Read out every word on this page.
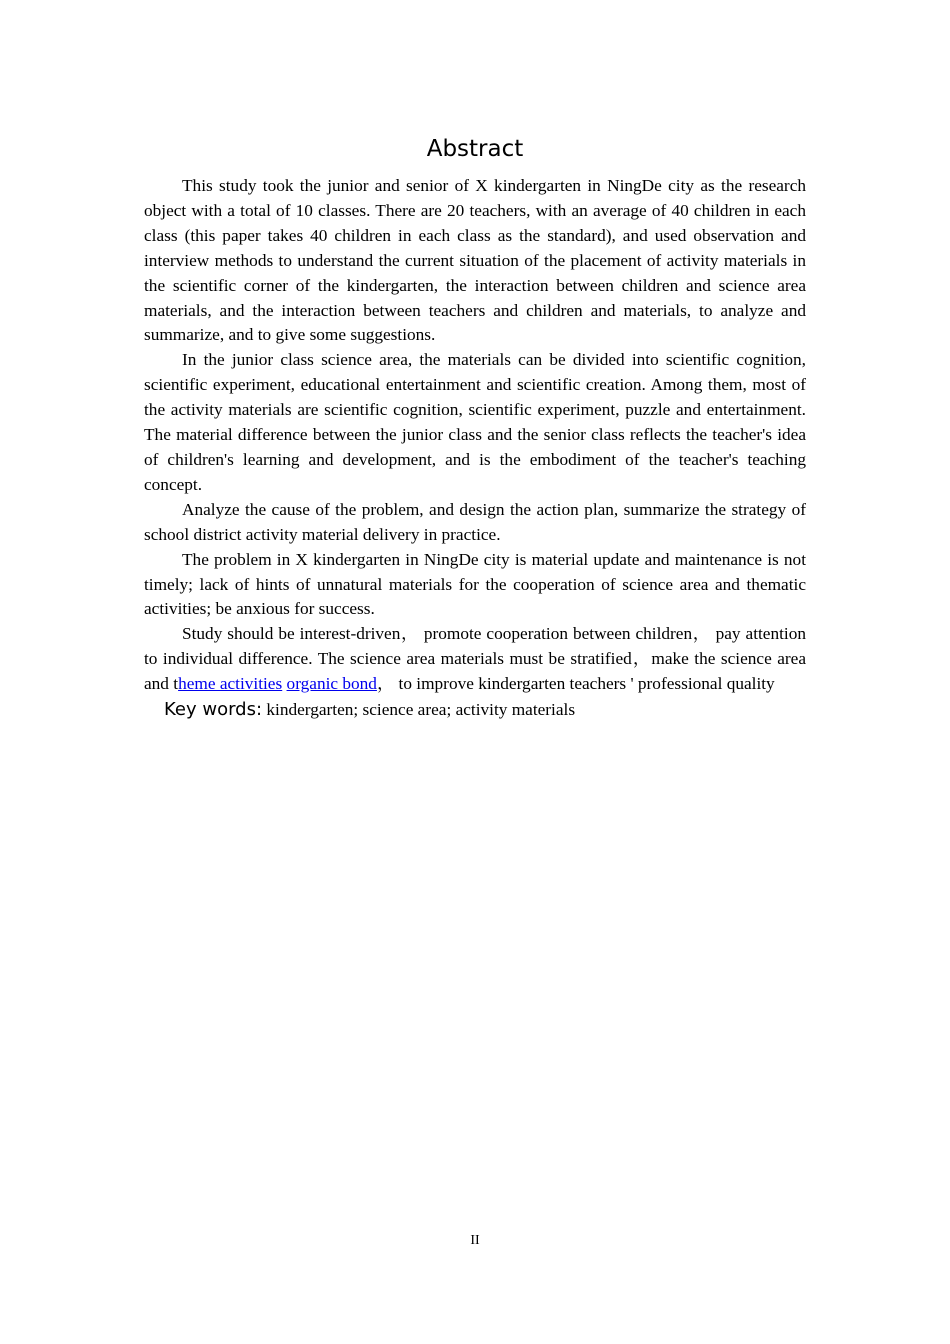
Abstract

This study took the junior and senior of X kindergarten in NingDe city as the research object with a total of 10 classes. There are 20 teachers, with an average of 40 children in each class (this paper takes 40 children in each class as the standard), and used observation and interview methods to understand the current situation of the placement of activity materials in the scientific corner of the kindergarten, the interaction between children and science area materials, and the interaction between teachers and children and materials, to analyze and summarize, and to give some suggestions.

In the junior class science area, the materials can be divided into scientific cognition, scientific experiment, educational entertainment and scientific creation. Among them, most of the activity materials are scientific cognition, scientific experiment, puzzle and entertainment. The material difference between the junior class and the senior class reflects the teacher's idea of children's learning and development, and is the embodiment of the teacher's teaching concept.

Analyze the cause of the problem, and design the action plan, summarize the strategy of school district activity material delivery in practice.

The problem in X kindergarten in NingDe city is material update and maintenance is not timely; lack of hints of unnatural materials for the cooperation of science area and thematic activities; be anxious for success.

Study should be interest-driven， promote cooperation between children， pay attention to individual difference. The science area materials must be stratified，make the science area and theme activities organic bond， to improve kindergarten teachers ' professional quality

Key words: kindergarten; science area; activity materials
II
